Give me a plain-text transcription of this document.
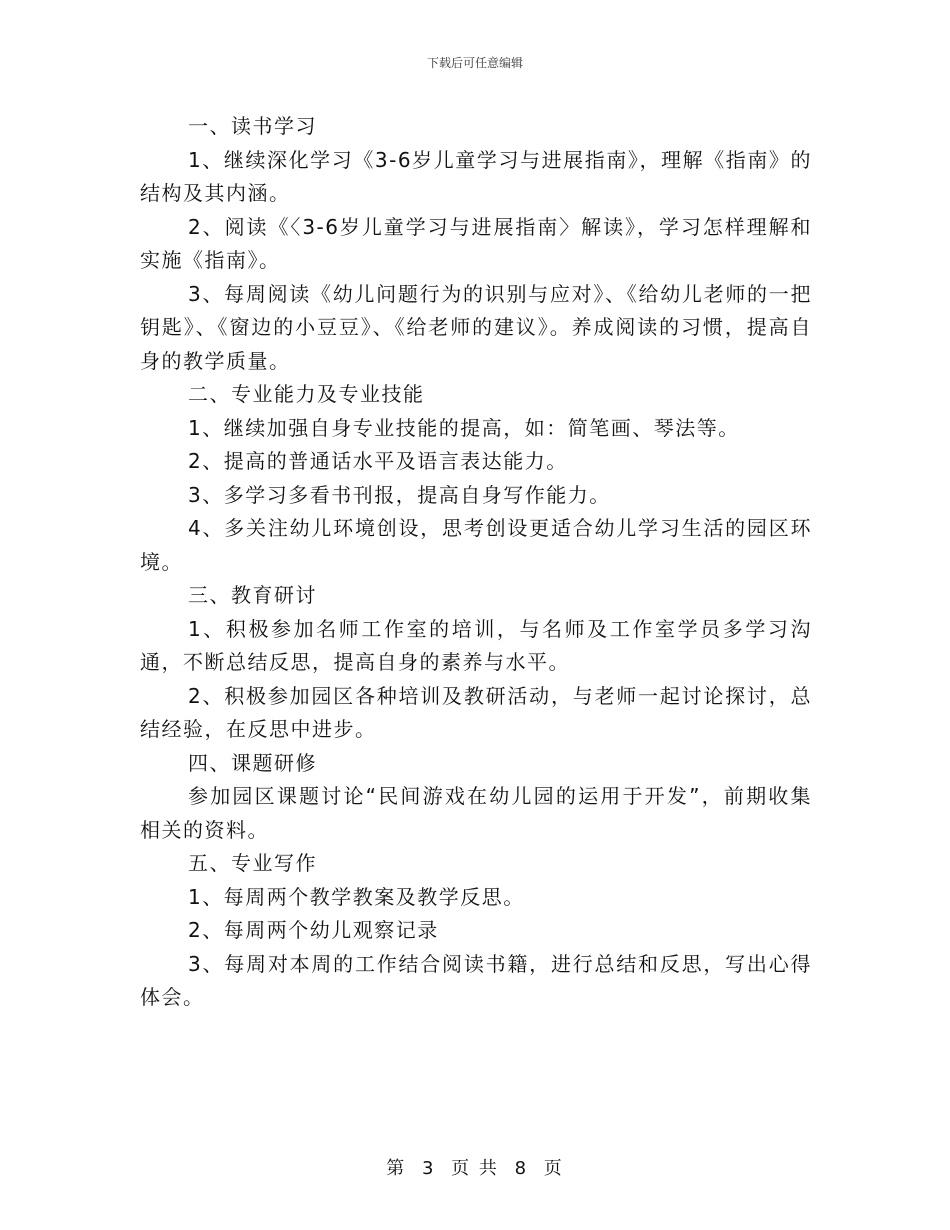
下载后可任意编辑

一、读书学习

1、继续深化学习《3-6岁儿童学习与进展指南》，理解《指南》的结构及其内涵。

2、阅读《〈3-6岁儿童学习与进展指南〉解读》，学习怎样理解和实施《指南》。

3、每周阅读《幼儿问题行为的识别与应对》、《给幼儿老师的一把钥匙》、《窗边的小豆豆》、《给老师的建议》。养成阅读的习惯，提高自身的教学质量。

二、专业能力及专业技能

1、继续加强自身专业技能的提高，如：简笔画、琴法等。

2、提高的普通话水平及语言表达能力。

3、多学习多看书刊报，提高自身写作能力。

4、多关注幼儿环境创设，思考创设更适合幼儿学习生活的园区环境。

三、教育研讨

1、积极参加名师工作室的培训，与名师及工作室学员多学习沟通，不断总结反思，提高自身的素养与水平。

2、积极参加园区各种培训及教研活动，与老师一起讨论探讨，总结经验，在反思中进步。

四、课题研修

参加园区课题讨论“民间游戏在幼儿园的运用于开发”，前期收集相关的资料。

五、专业写作

1、每周两个教学教案及教学反思。

2、每周两个幼儿观察记录

3、每周对本周的工作结合阅读书籍，进行总结和反思，写出心得体会。

第 3 页 共 8 页
